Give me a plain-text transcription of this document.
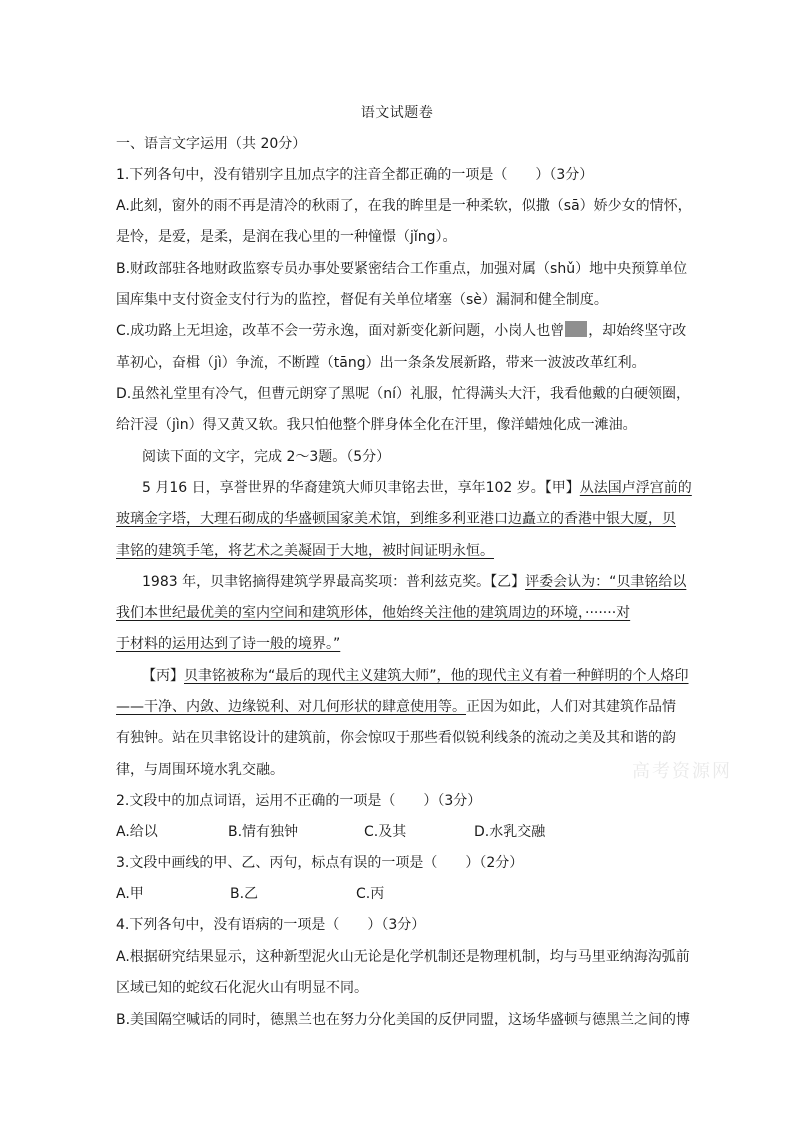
语文试题卷
一、语言文字运用（共 20分）
1.下列各句中，没有错别字且加点字的注音全都正确的一项是（　　）（3分）
A.此刻，窗外的雨不再是清冷的秋雨了，在我的眸里是一种柔软，似撒（sā）娇少女的情怀，
是怜，是爱，是柔，是润在我心里的一种憧憬（jǐng）。
B.财政部驻各地财政监察专员办事处要紧密结合工作重点，加强对属（shǔ）地中央预算单位
国库集中支付资金支付行为的监控，督促有关单位堵塞（sè）漏洞和健全制度。
C.成功路上无坦途，改革不会一劳永逸，面对新变化新问题，小岗人也曾 ，却始终坚守改
革初心，奋楫（jì）争流，不断蹚（tāng）出一条条发展新路，带来一波波改革红利。
D.虽然礼堂里有冷气，但曹元朗穿了黑呢（ní）礼服，忙得满头大汗，我看他戴的白硬领圈，
给汗浸（jìn）得又黄又软。我只怕他整个胖身体全化在汗里，像洋蜡烛化成一滩油。
阅读下面的文字，完成 2～3题。（5分）
5 月16 日，享誉世界的华裔建筑大师贝聿铭去世，享年102 岁。【甲】从法国卢浮宫前的
玻璃金字塔，大理石砌成的华盛顿国家美术馆，到维多利亚港口边矗立的香港中银大厦，贝
聿铭的建筑手笔，将艺术之美凝固于大地，被时间证明永恒。
1983 年，贝聿铭摘得建筑学界最高奖项：普利兹克奖。【乙】评委会认为：“贝聿铭给以
我们本世纪最优美的室内空间和建筑形体，他始终关注他的建筑周边的环境，·······对
于材料的运用达到了诗一般的境界。”
【丙】贝聿铭被称为“最后的现代主义建筑大师”，他的现代主义有着一种鲜明的个人烙印
——干净、内敛、边缘锐利、对几何形状的肆意使用等。正因为如此，人们对其建筑作品情
有独钟。站在贝聿铭设计的建筑前，你会惊叹于那些看似锐利线条的流动之美及其和谐的韵
律，与周围环境水乳交融。
2.文段中的加点词语，运用不正确的一项是（　　）（3分）
A.给以	B.情有独钟	C.及其	D.水乳交融
3.文段中画线的甲、乙、丙句，标点有误的一项是（　　）（2分）
A.甲	B.乙	C.丙
4.下列各句中，没有语病的一项是（　　）（3分）
A.根据研究结果显示，这种新型泥火山无论是化学机制还是物理机制，均与马里亚纳海沟弧前
区域已知的蛇纹石化泥火山有明显不同。
B.美国隔空喊话的同时，德黑兰也在努力分化美国的反伊同盟，这场华盛顿与德黑兰之间的博
高考资源网
